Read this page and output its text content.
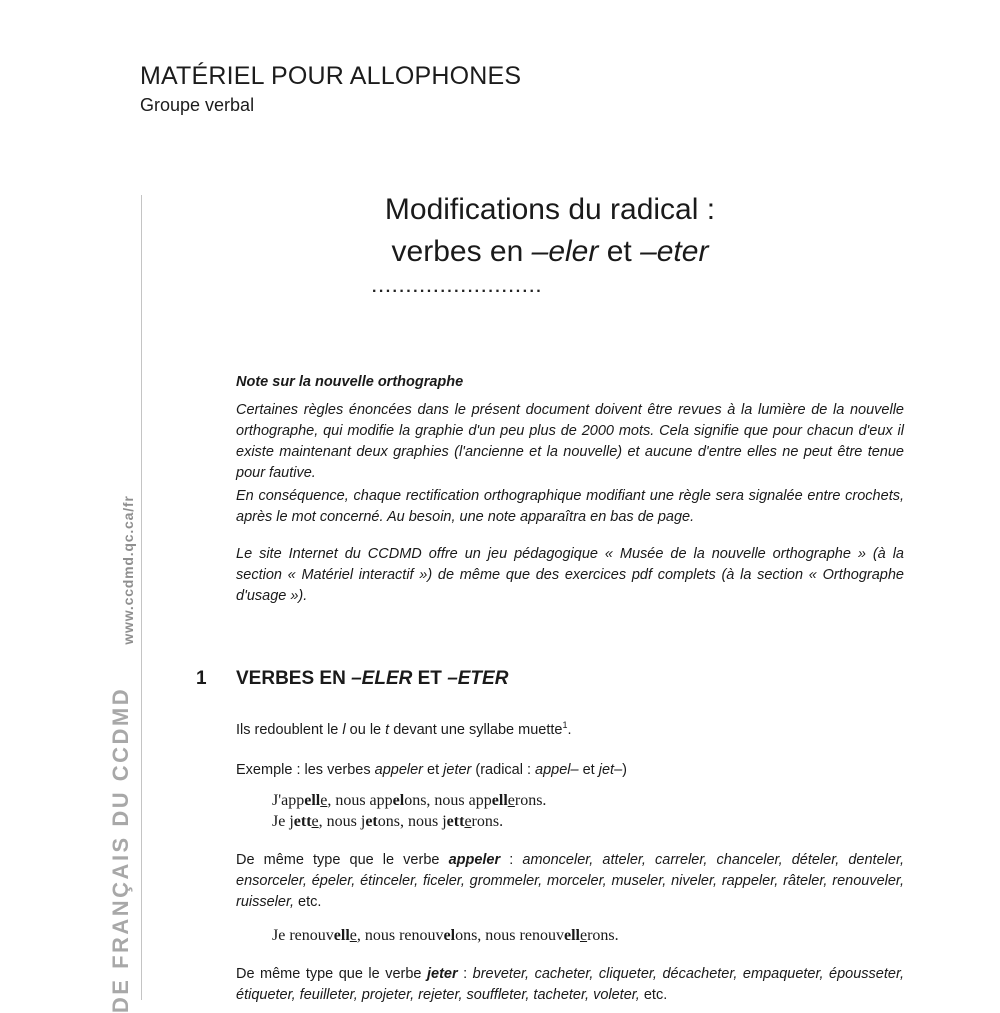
MATÉRIEL POUR ALLOPHONES
Groupe verbal
www.ccdmd.qc.ca/fr
DE FRANÇAIS DU CCDMD
Modifications du radical :
verbes en –eler et –eter
.........................
Note sur la nouvelle orthographe

Certaines règles énoncées dans le présent document doivent être revues à la lumière de la nouvelle orthographe, qui modifie la graphie d'un peu plus de 2000 mots. Cela signifie que pour chacun d'eux il existe maintenant deux graphies (l'ancienne et la nouvelle) et aucune d'entre elles ne peut être tenue pour fautive.

En conséquence, chaque rectification orthographique modifiant une règle sera signalée entre crochets, après le mot concerné. Au besoin, une note apparaîtra en bas de page.

Le site Internet du CCDMD offre un jeu pédagogique « Musée de la nouvelle orthographe » (à la section « Matériel interactif ») de même que des exercices pdf complets (à la section « Orthographe d'usage »).

1 VERBES EN –ELER ET –ETER

Ils redoublent le l ou le t devant une syllabe muette$^1$.

Exemple : les verbes appeler et jeter (radical : appel– et jet–)

J'appelle, nous appelons, nous appellerons.
Je jette, nous jetons, nous jetterons.

De même type que le verbe appeler : amonceler, atteler, carreler, chanceler, dételer, denteler, ensorceler, épeler, étinceler, ficeler, grommeler, morceler, museler, niveler, rappeler, râteler, renouveler, ruisseler, etc.

Je renouvelle, nous renouvelons, nous renouvellerons.

De même type que le verbe jeter : breveter, cacheter, cliqueter, décacheter, empaqueter, épousseter, étiqueter, feuilleter, projeter, rejeter, souffleter, tacheter, voleter, etc.
